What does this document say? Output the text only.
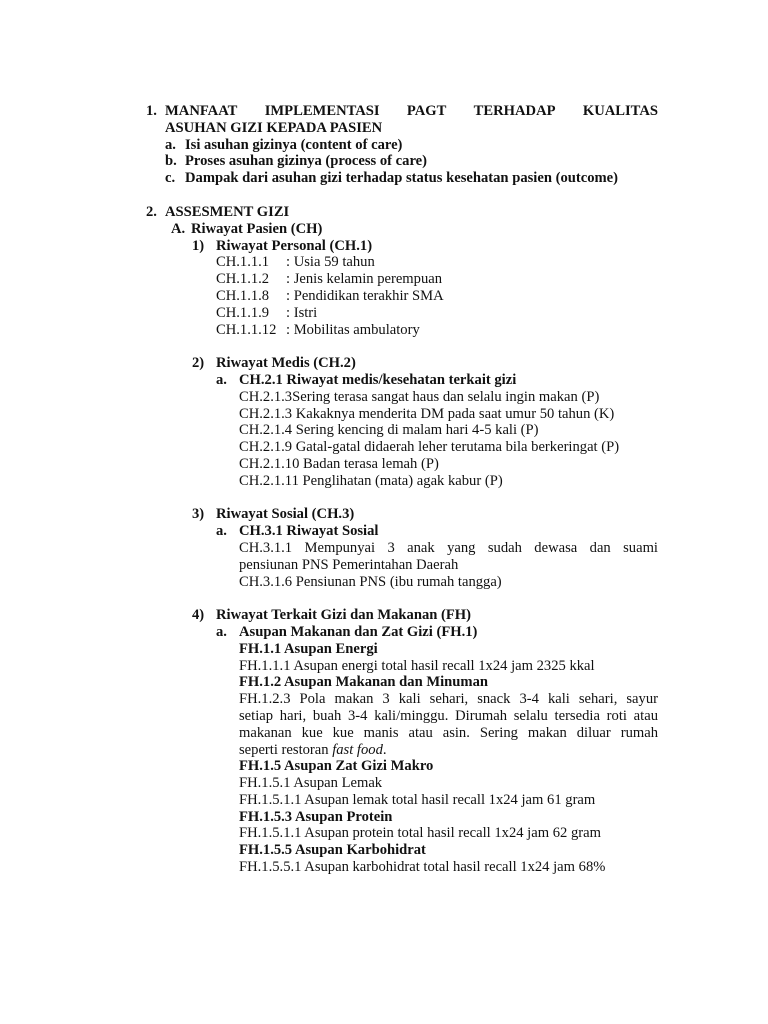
1. MANFAAT IMPLEMENTASI PAGT TERHADAP KUALITAS
ASUHAN GIZI KEPADA PASIEN
a. Isi asuhan gizinya (content of care)
b. Proses asuhan gizinya (process of care)
c. Dampak dari asuhan gizi terhadap status kesehatan pasien (outcome)
2. ASSESMENT GIZI
A. Riwayat Pasien (CH)
1) Riwayat Personal (CH.1)
CH.1.1.1 : Usia 59 tahun
CH.1.1.2 : Jenis kelamin perempuan
CH.1.1.8 : Pendidikan terakhir SMA
CH.1.1.9 : Istri
CH.1.1.12 : Mobilitas ambulatory
2) Riwayat Medis (CH.2)
a. CH.2.1 Riwayat medis/kesehatan terkait gizi
CH.2.1.3Sering terasa sangat haus dan selalu ingin makan (P)
CH.2.1.3 Kakaknya menderita DM pada saat umur 50 tahun (K)
CH.2.1.4 Sering kencing di malam hari 4-5 kali (P)
CH.2.1.9 Gatal-gatal didaerah leher terutama bila berkeringat (P)
CH.2.1.10 Badan terasa lemah (P)
CH.2.1.11 Penglihatan (mata) agak kabur (P)
3) Riwayat Sosial (CH.3)
a. CH.3.1 Riwayat Sosial
CH.3.1.1 Mempunyai 3 anak yang sudah dewasa dan suami
pensiunan PNS Pemerintahan Daerah
CH.3.1.6 Pensiunan PNS (ibu rumah tangga)
4) Riwayat Terkait Gizi dan Makanan (FH)
a. Asupan Makanan dan Zat Gizi (FH.1)
FH.1.1 Asupan Energi
FH.1.1.1 Asupan energi total hasil recall 1x24 jam 2325 kkal
FH.1.2 Asupan Makanan dan Minuman
FH.1.2.3 Pola makan 3 kali sehari, snack 3-4 kali sehari, sayur
setiap hari, buah 3-4 kali/minggu. Dirumah selalu tersedia roti atau
makanan kue kue manis atau asin. Sering makan diluar rumah
seperti restoran fast food.
FH.1.5 Asupan Zat Gizi Makro
FH.1.5.1 Asupan Lemak
FH.1.5.1.1 Asupan lemak total hasil recall 1x24 jam 61 gram
FH.1.5.3 Asupan Protein
FH.1.5.1.1 Asupan protein total hasil recall 1x24 jam 62 gram
FH.1.5.5 Asupan Karbohidrat
FH.1.5.5.1 Asupan karbohidrat total hasil recall 1x24 jam 68%
